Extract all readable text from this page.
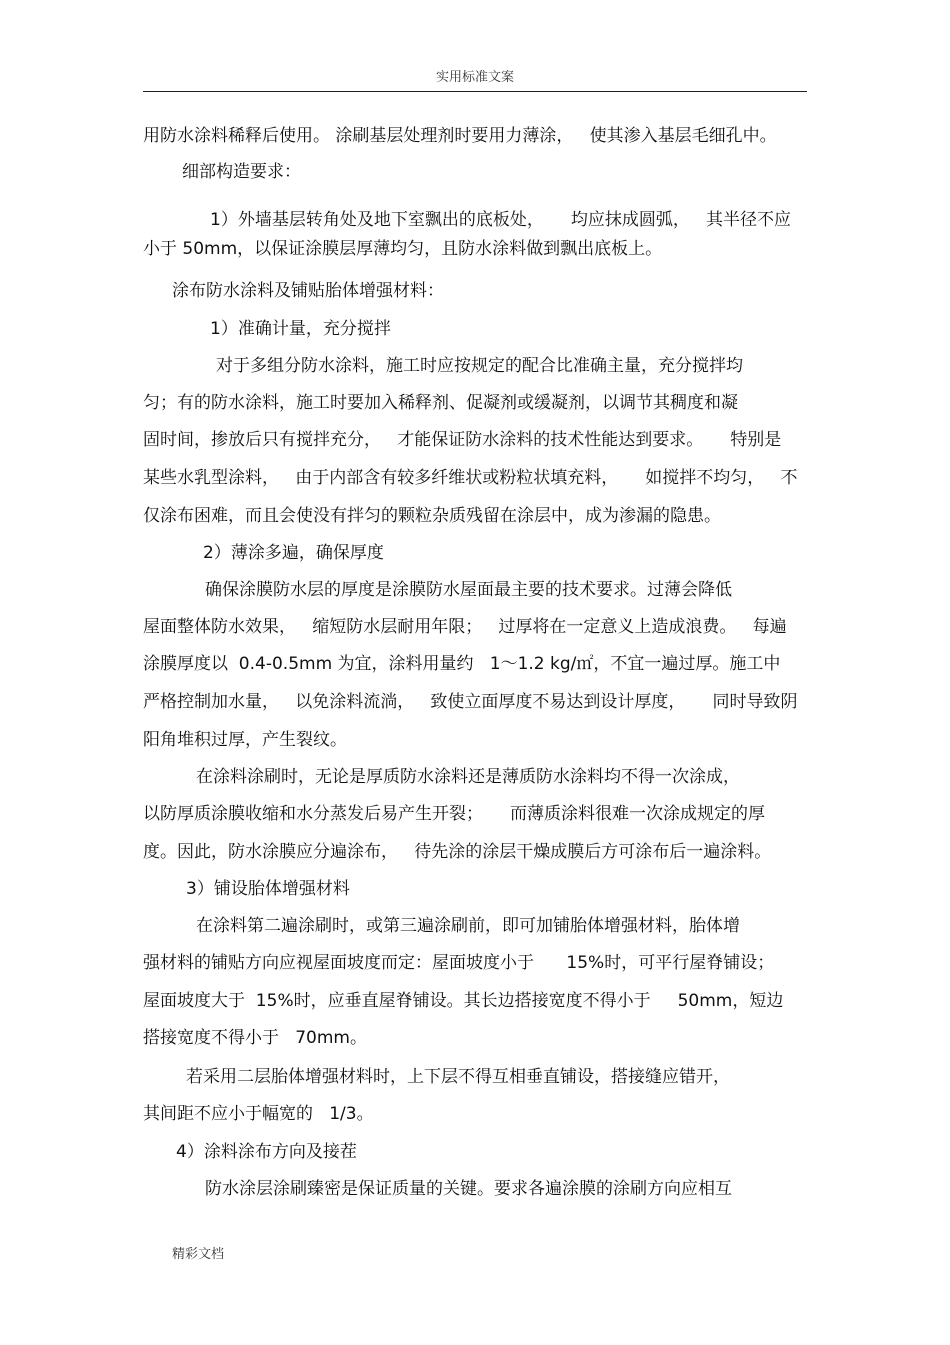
实用标准文案
用防水涂料稀释后使用。 涂刷基层处理剂时要用力薄涂，   使其渗入基层毛细孔中。
细部构造要求：
1）外墙基层转角处及地下室飘出的底板处，     均应抹成圆弧，   其半径不应
小于 50mm，以保证涂膜层厚薄均匀，且防水涂料做到飘出底板上。
涂布防水涂料及铺贴胎体增强材料：
1）准确计量，充分搅拌
对于多组分防水涂料，施工时应按规定的配合比准确主量，充分搅拌均
匀；有的防水涂料，施工时要加入稀释剂、促凝剂或缓凝剂，以调节其稠度和凝
固时间，掺放后只有搅拌充分，   才能保证防水涂料的技术性能达到要求。     特别是
某些水乳型涂料，   由于内部含有较多纤维状或粉粒状填充料，     如搅拌不均匀，   不
仅涂布困难，而且会使没有拌匀的颗粒杂质残留在涂层中，成为渗漏的隐患。
2）薄涂多遍，确保厚度
确保涂膜防水层的厚度是涂膜防水屋面最主要的技术要求。过薄会降低
屋面整体防水效果，   缩短防水层耐用年限；   过厚将在一定意义上造成浪费。   每遍
涂膜厚度以  0.4-0.5mm 为宜，涂料用量约   1～1.2 kg/㎡，不宜一遍过厚。施工中
严格控制加水量，   以免涂料流淌，   致使立面厚度不易达到设计厚度，     同时导致阴
阳角堆积过厚，产生裂纹。
在涂料涂刷时，无论是厚质防水涂料还是薄质防水涂料均不得一次涂成，
以防厚质涂膜收缩和水分蒸发后易产生开裂；     而薄质涂料很难一次涂成规定的厚
度。因此，防水涂膜应分遍涂布，   待先涂的涂层干燥成膜后方可涂布后一遍涂料。
3）铺设胎体增强材料
在涂料第二遍涂刷时，或第三遍涂刷前，即可加铺胎体增强材料，胎体增
强材料的铺贴方向应视屋面坡度而定：屋面坡度小于      15%时，可平行屋脊铺设；
屋面坡度大于  15%时，应垂直屋脊铺设。其长边搭接宽度不得小于     50mm，短边
搭接宽度不得小于   70mm。
若采用二层胎体增强材料时，上下层不得互相垂直铺设，搭接缝应错开，
其间距不应小于幅宽的   1/3。
4）涂料涂布方向及接茬
防水涂层涂刷臻密是保证质量的关键。要求各遍涂膜的涂刷方向应相互
精彩文档
